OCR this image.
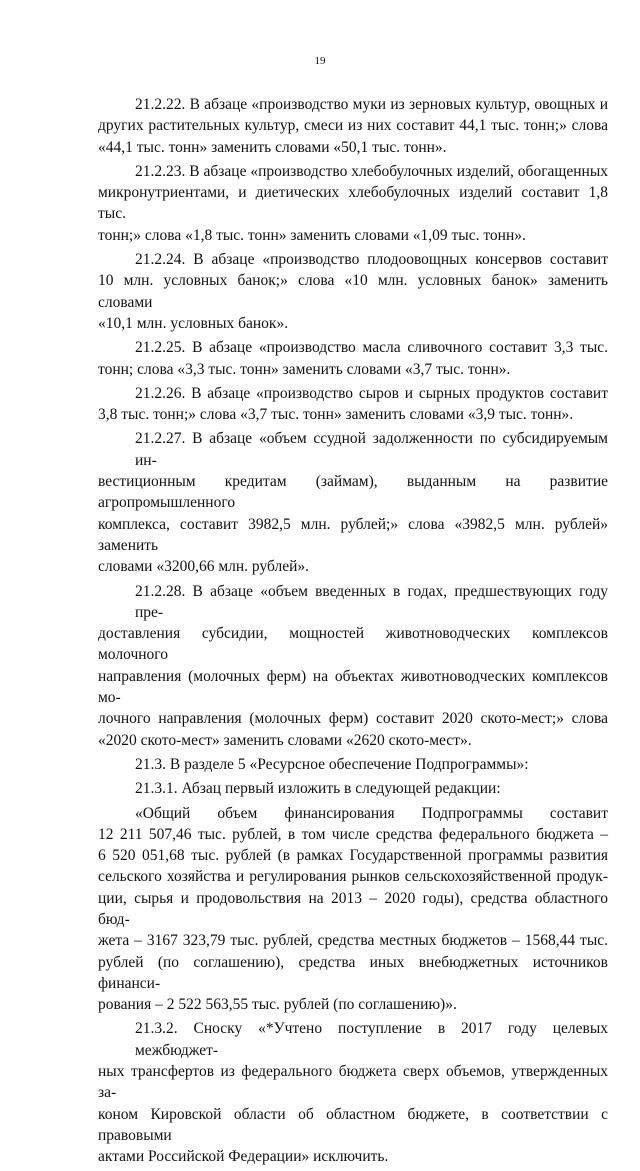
19
21.2.22. В абзаце «производство муки из зерновых культур, овощных и
других растительных культур, смеси из них составит 44,1 тыс. тонн;» слова
«44,1 тыс. тонн» заменить словами «50,1 тыс. тонн».
21.2.23. В абзаце «производство хлебобулочных изделий, обогащенных
микронутриентами, и диетических хлебобулочных изделий составит 1,8 тыс.
тонн;» слова «1,8 тыс. тонн» заменить словами «1,09 тыс. тонн».
21.2.24. В абзаце «производство плодоовощных консервов составит
10 млн. условных банок;» слова «10 млн. условных банок» заменить словами
«10,1 млн. условных банок».
21.2.25. В абзаце «производство масла сливочного составит 3,3 тыс.
тонн; слова «3,3 тыс. тонн» заменить словами «3,7 тыс. тонн».
21.2.26. В абзаце «производство сыров и сырных продуктов составит
3,8 тыс. тонн;» слова «3,7 тыс. тонн» заменить словами «3,9 тыс. тонн».
21.2.27. В абзаце «объем ссудной задолженности по субсидируемым ин-
вестиционным кредитам (займам), выданным на развитие агропромышленного
комплекса, составит 3982,5 млн. рублей;» слова «3982,5 млн. рублей» заменить
словами «3200,66 млн. рублей».
21.2.28. В абзаце «объем введенных в годах, предшествующих году пре-
доставления субсидии, мощностей животноводческих комплексов молочного
направления (молочных ферм) на объектах животноводческих комплексов мо-
лочного направления (молочных ферм) составит 2020 ското-мест;» слова
«2020 ското-мест» заменить словами «2620 ското-мест».
21.3. В разделе 5 «Ресурсное обеспечение Подпрограммы»:
21.3.1. Абзац первый изложить в следующей редакции:
«Общий объем финансирования Подпрограммы составит
12 211 507,46 тыс. рублей, в том числе средства федерального бюджета –
6 520 051,68 тыс. рублей (в рамках Государственной программы развития
сельского хозяйства и регулирования рынков сельскохозяйственной продук-
ции, сырья и продовольствия на 2013 – 2020 годы), средства областного бюд-
жета – 3167 323,79 тыс. рублей, средства местных бюджетов – 1568,44 тыс.
рублей (по соглашению), средства иных внебюджетных источников финанси-
рования – 2 522 563,55 тыс. рублей (по соглашению)».
21.3.2. Сноску «*Учтено поступление в 2017 году целевых межбюджет-
ных трансфертов из федерального бюджета сверх объемов, утвержденных за-
коном Кировской области об областном бюджете, в соответствии с правовыми
актами Российской Федерации» исключить.
